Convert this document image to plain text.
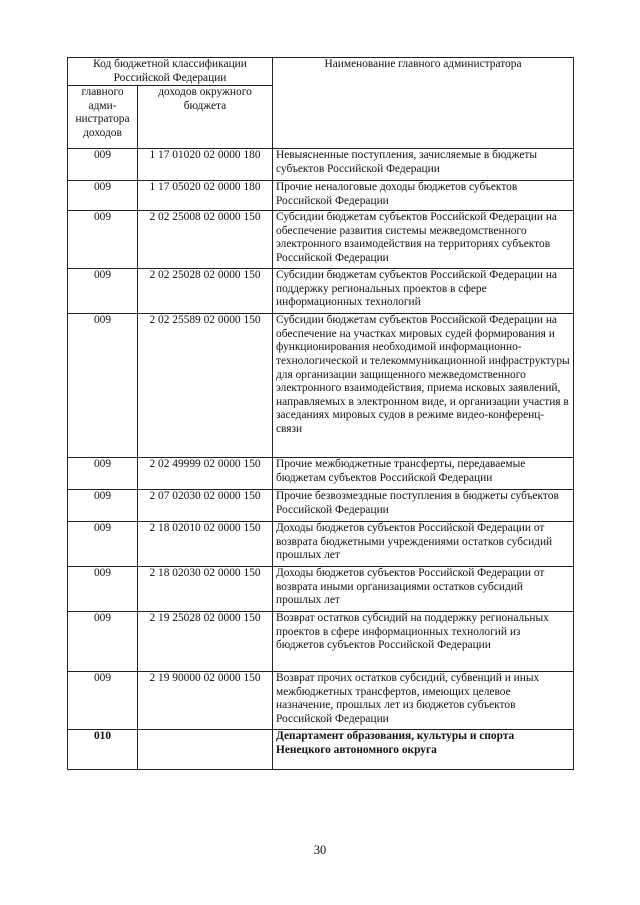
Код бюджетной классификации Российской Федерации		Наименование главного администратора
главного адми-нистратора доходов	доходов окружного бюджета	
009	1 17 01020 02 0000 180	Невыясненные поступления, зачисляемые в бюджеты субъектов Российской Федерации
009	1 17 05020 02 0000 180	Прочие неналоговые доходы бюджетов субъектов Российской Федерации
009	2 02 25008 02 0000 150	Субсидии бюджетам субъектов Российской Федерации на обеспечение развития системы межведомственного электронного взаимодействия на территориях субъектов Российской Федерации
009	2 02 25028 02 0000 150	Субсидии бюджетам субъектов Российской Федерации на поддержку региональных проектов в сфере информационных технологий
009	2 02 25589 02 0000 150	Субсидии бюджетам субъектов Российской Федерации на обеспечение на участках мировых судей формирования и функционирования необходимой информационно-технологической и телекоммуникационной инфраструктуры для организации защищенного межведомственного электронного взаимодействия, приема исковых заявлений, направляемых в электронном виде, и организации участия в заседаниях мировых судов в режиме видео-конференц-связи
009	2 02 49999 02 0000 150	Прочие межбюджетные трансферты, передаваемые бюджетам субъектов Российской Федерации
009	2 07 02030 02 0000 150	Прочие безвозмездные поступления в бюджеты субъектов Российской Федерации
009	2 18 02010 02 0000 150	Доходы бюджетов субъектов Российской Федерации от возврата бюджетными учреждениями остатков субсидий прошлых лет
009	2 18 02030 02 0000 150	Доходы бюджетов субъектов Российской Федерации от возврата иными организациями остатков субсидий прошлых лет
009	2 19 25028 02 0000 150	Возврат остатков субсидий на поддержку региональных проектов в сфере информационных технологий из бюджетов субъектов Российской Федерации
009	2 19 90000 02 0000 150	Возврат прочих остатков субсидий, субвенций и иных межбюджетных трансфертов, имеющих целевое назначение, прошлых лет из бюджетов субъектов Российской Федерации
010		Департамент образования, культуры и спорта Ненецкого автономного округа
30
